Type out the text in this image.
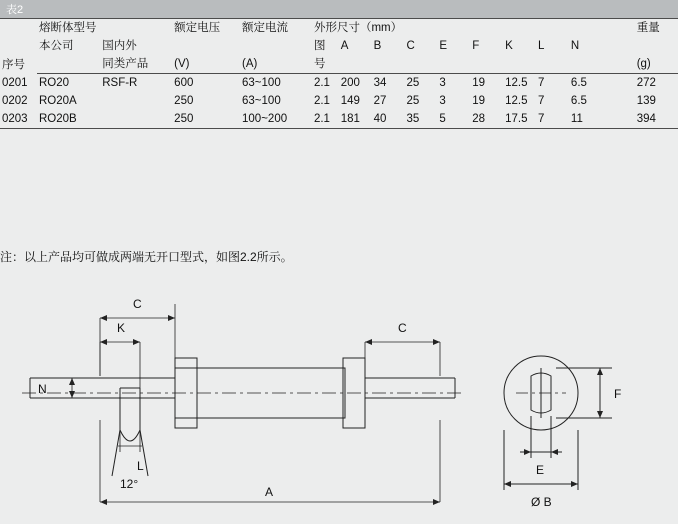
表2
序号	熔断体型号		额定电压	额定电流	外形尺寸（mm）										重量
	本公司	国内外			图	A	B	C	E	F	K	L	N		
		同类产品	(V)	(A)	号										(g)
0201	RO20	RSF-R	600	63~100	2.1	200	34	25	3	19	12.5	7	6.5		272
0202	RO20A		250	63~100	2.1	149	27	25	3	19	12.5	7	6.5		139
0203	RO20B		250	100~200	2.1	181	40	35	5	28	17.5	7	11		394
注：以上产品均可做成两端无开口型式，如图2.2所示。
C
K
N
C
A
L
12°
E
Ø B
F
